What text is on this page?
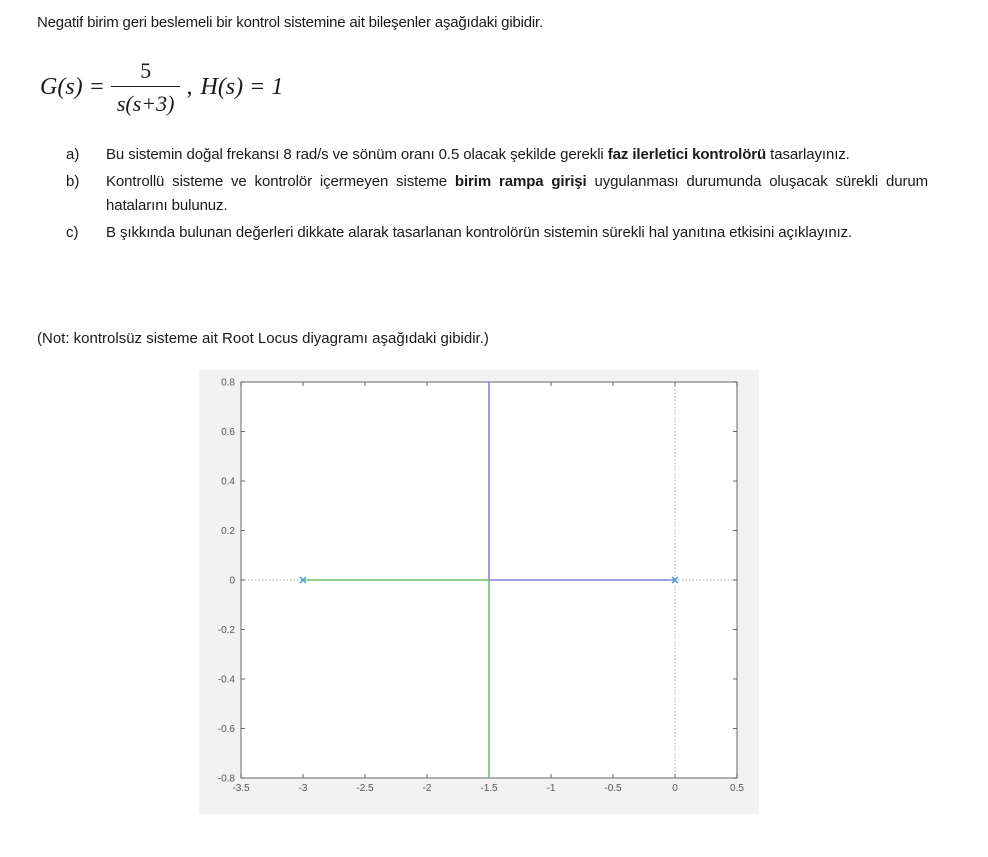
Negatif birim geri beslemeli bir kontrol sistemine ait bileşenler aşağıdaki gibidir.
$G(s) = \frac{5}{s(s+3)}$ , H(s) = 1
a)	Bu sistemin doğal frekansı 8 rad/s ve sönüm oranı 0.5 olacak şekilde gerekli faz ilerletici kontrolörü tasarlayınız.
b)	Kontrollü sisteme ve kontrolör içermeyen sisteme birim rampa girişi uygulanması durumunda oluşacak sürekli durum hatalarını bulunuz.
c)	B şıkkında bulunan değerleri dikkate alarak tasarlanan kontrolörün sistemin sürekli hal yanıtına etkisini açıklayınız.
(Not: kontrolsüz sisteme ait Root Locus diyagramı aşağıdaki gibidir.)
-3.5	-3	-2.5	-2	-1.5	-1	-0.5	0	0.5
0.8
0.6
0.4
0.2
0
-0.2
-0.4
-0.6
-0.8
